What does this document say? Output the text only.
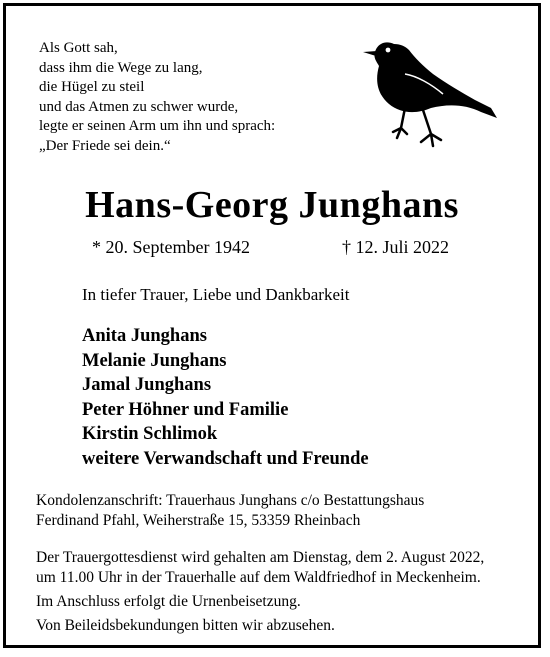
Als Gott sah,
dass ihm die Wege zu lang,
die Hügel zu steil
und das Atmen zu schwer wurde,
legte er seinen Arm um ihn und sprach:
„Der Friede sei dein.“
Hans-Georg Junghans
* 20. September 1942	† 12. Juli 2022
In tiefer Trauer, Liebe und Dankbarkeit
Anita Junghans
Melanie Junghans
Jamal Junghans
Peter Höhner und Familie
Kirstin Schlimok
weitere Verwandschaft und Freunde
Kondolenzanschrift: Trauerhaus Junghans c/o Bestattungshaus
Ferdinand Pfahl, Weiherstraße 15, 53359 Rheinbach
Der Trauergottesdienst wird gehalten am Dienstag, dem 2. August 2022,
um 11.00 Uhr in der Trauerhalle auf dem Waldfriedhof in Meckenheim.
Im Anschluss erfolgt die Urnenbeisetzung.
Von Beileidsbekundungen bitten wir abzusehen.
